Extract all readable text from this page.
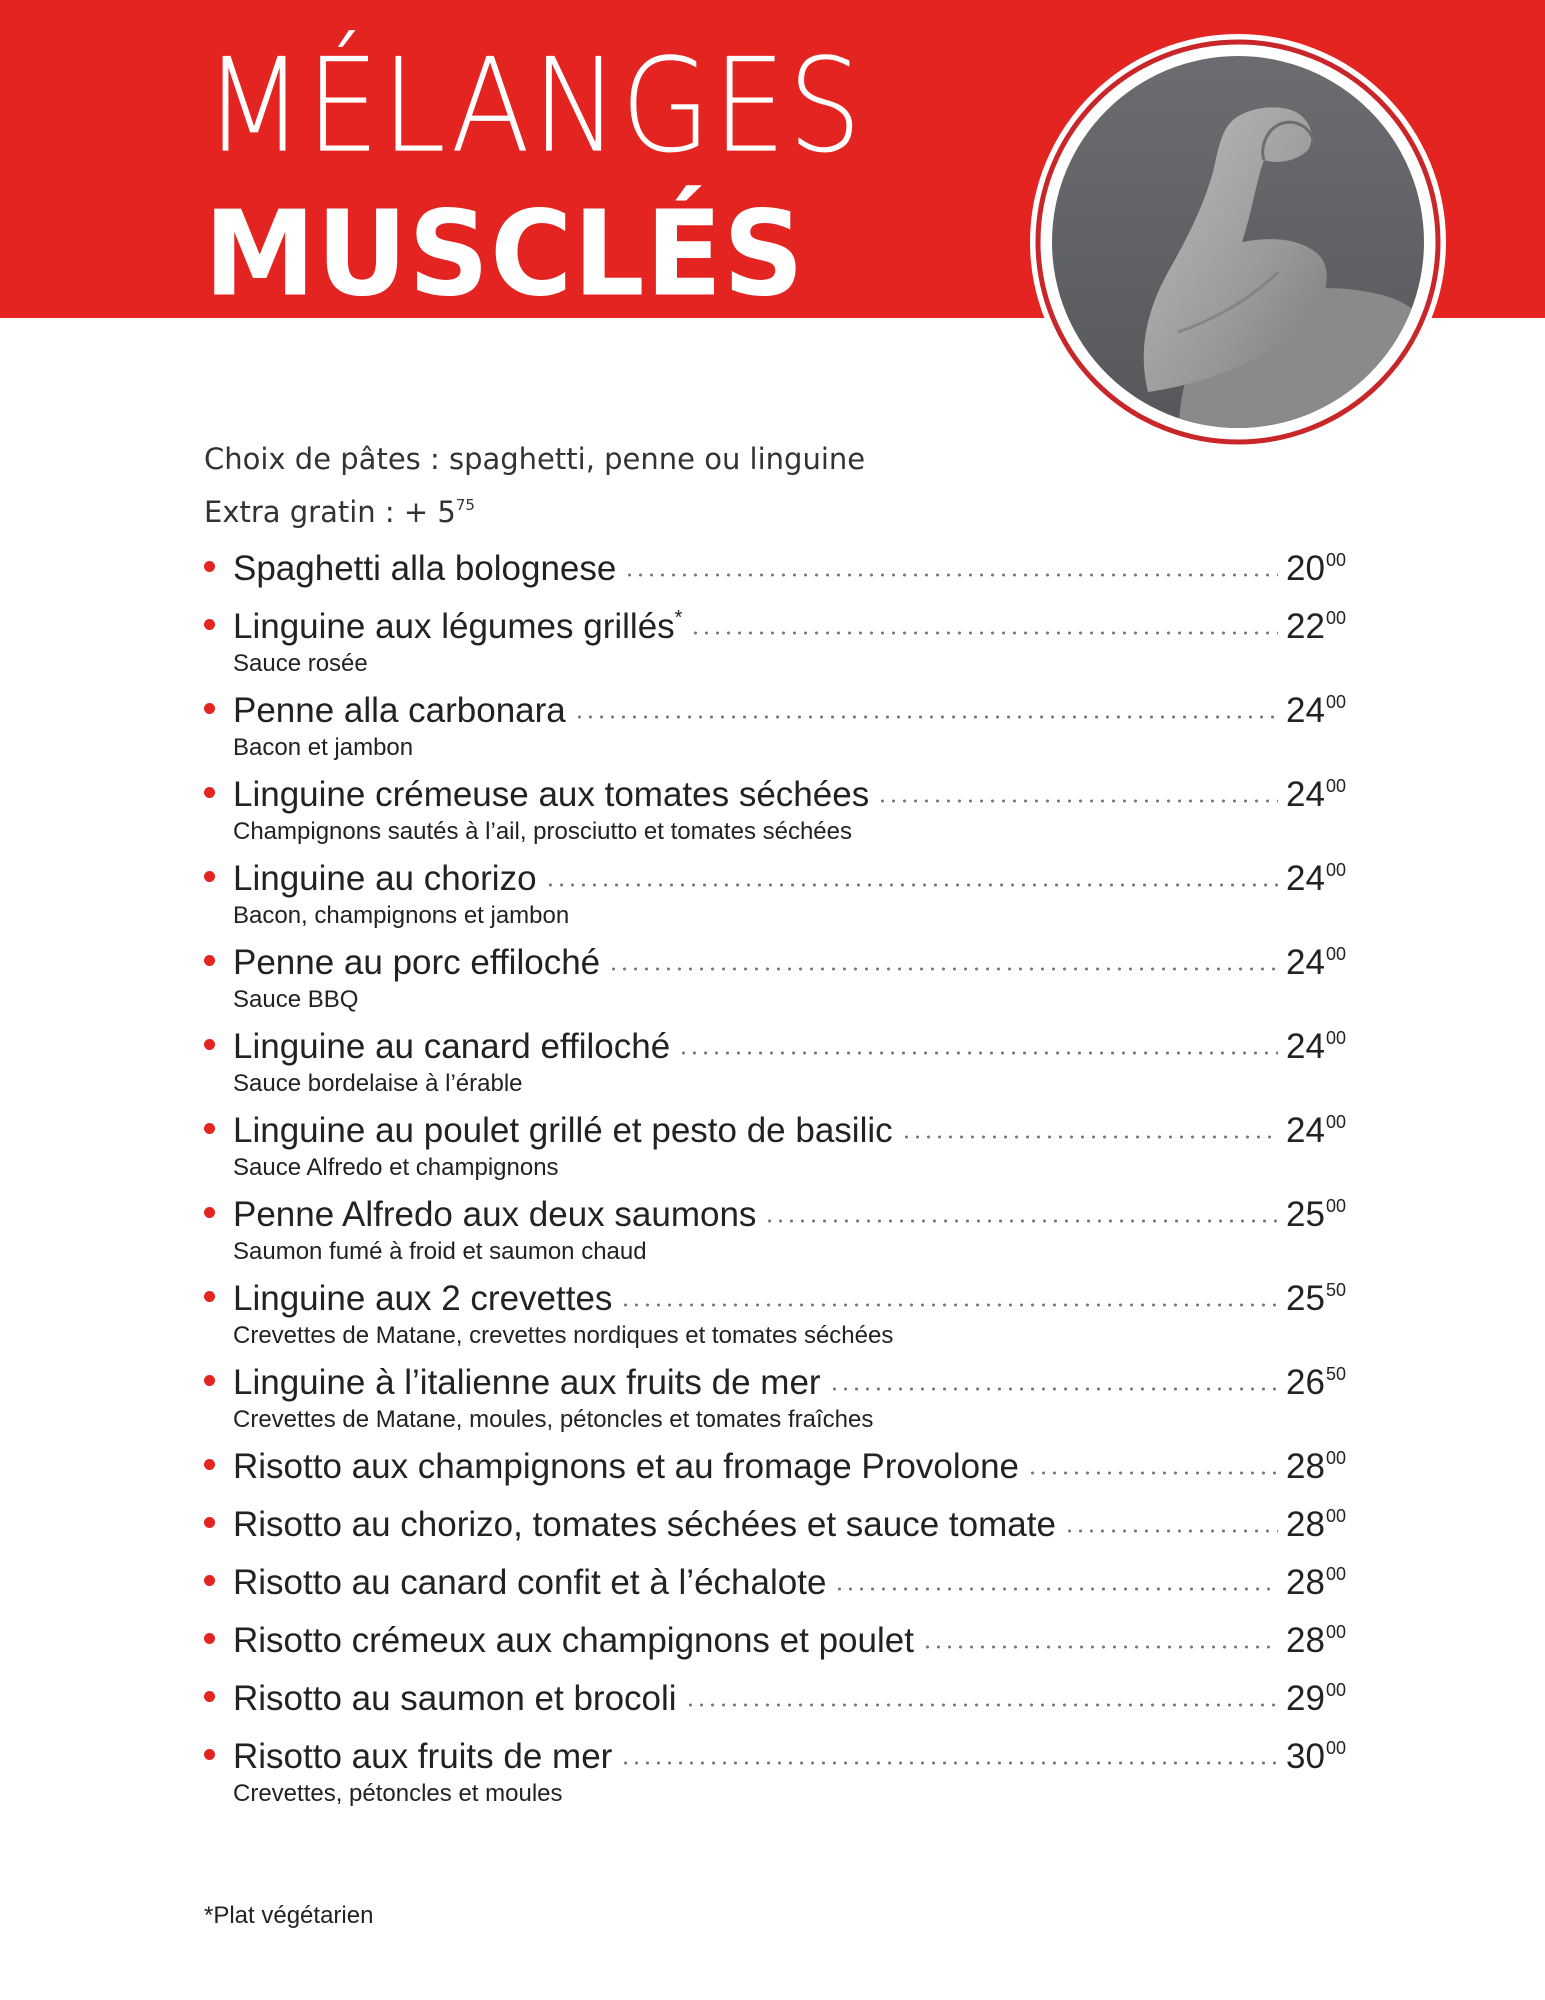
MÉLANGES
MUSCLÉS
Choix de pâtes : spaghetti, penne ou linguine
Extra gratin : + $5^{75}$
Spaghetti alla bolognese	$20^{00}$
Linguine aux légumes grillés*	$22^{00}$
Sauce rosée
Penne alla carbonara	$24^{00}$
Bacon et jambon
Linguine crémeuse aux tomates séchées	$24^{00}$
Champignons sautés à l’ail, prosciutto et tomates séchées
Linguine au chorizo	$24^{00}$
Bacon, champignons et jambon
Penne au porc effiloché	$24^{00}$
Sauce BBQ
Linguine au canard effiloché	$24^{00}$
Sauce bordelaise à l’érable
Linguine au poulet grillé et pesto de basilic	$24^{00}$
Sauce Alfredo et champignons
Penne Alfredo aux deux saumons	$25^{00}$
Saumon fumé à froid et saumon chaud
Linguine aux 2 crevettes	$25^{50}$
Crevettes de Matane, crevettes nordiques et tomates séchées
Linguine à l’italienne aux fruits de mer	$26^{50}$
Crevettes de Matane, moules, pétoncles et tomates fraîches
Risotto aux champignons et au fromage Provolone	$28^{00}$
Risotto au chorizo, tomates séchées et sauce tomate	$28^{00}$
Risotto au canard confit et à l’échalote	$28^{00}$
Risotto crémeux aux champignons et poulet	$28^{00}$
Risotto au saumon et brocoli	$29^{00}$
Risotto aux fruits de mer	$30^{00}$
Crevettes, pétoncles et moules
*Plat végétarien
